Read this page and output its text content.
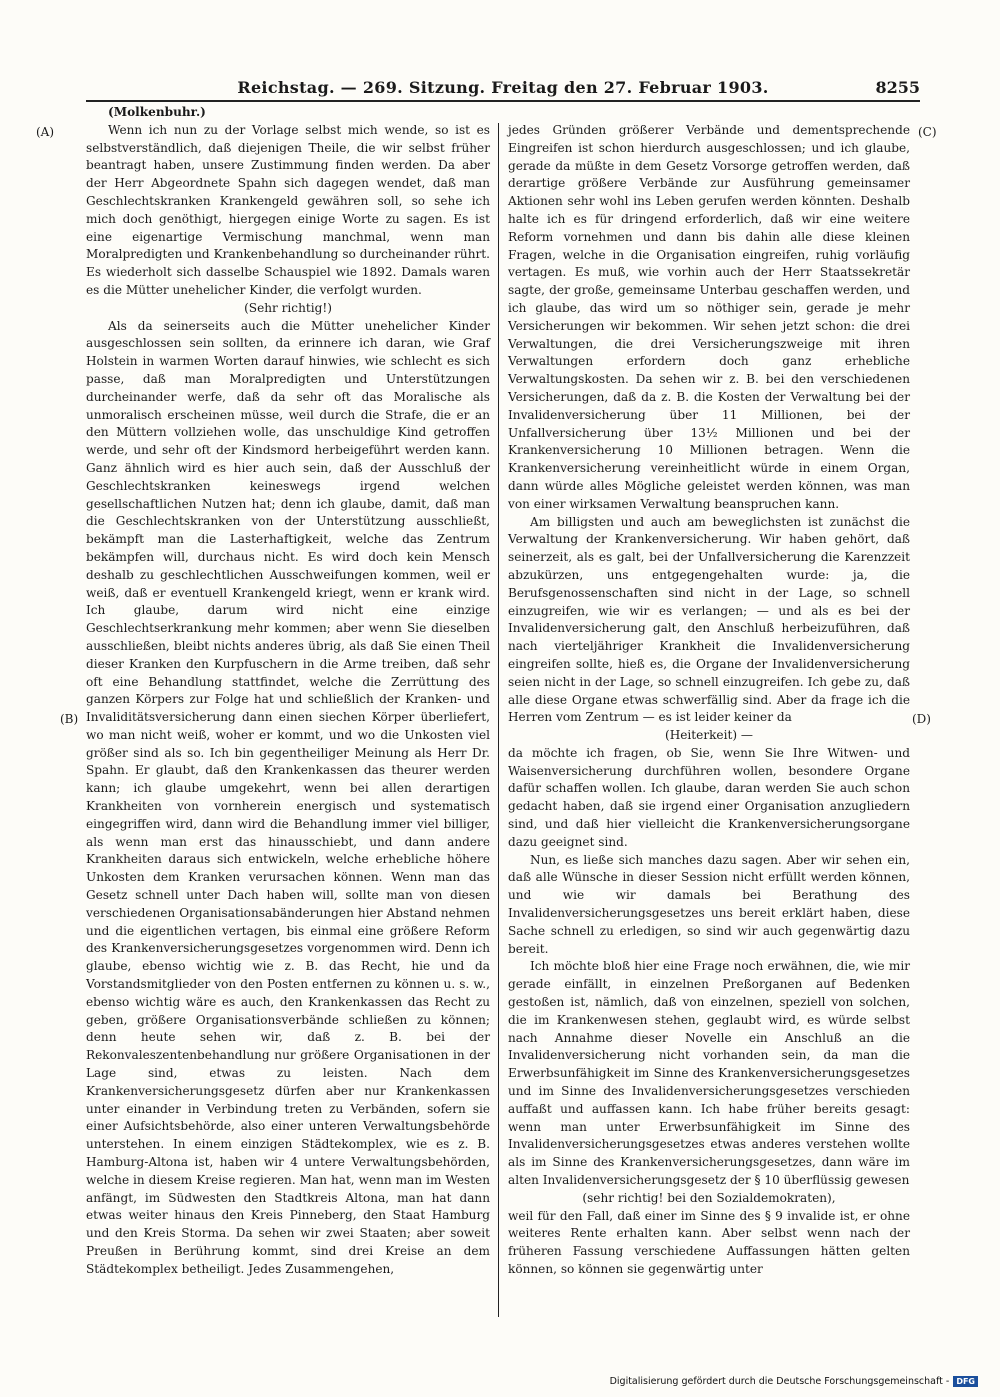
Reichstag. — 269. Sitzung. Freitag den 27. Februar 1903.	8255
(A)
(B)
(C)
(D)

(Molkenbuhr.)

Wenn ich nun zu der Vorlage selbst mich wende, so ist es selbstverständlich, daß diejenigen Theile, die wir selbst früher beantragt haben, unsere Zustimmung finden werden. Da aber der Herr Abgeordnete Spahn sich dagegen wendet, daß man Geschlechtskranken Krankengeld gewähren soll, so sehe ich mich doch genöthigt, hiergegen einige Worte zu sagen. Es ist eine eigenartige Vermischung manchmal, wenn man Moralpredigten und Krankenbehandlung so durcheinander rührt. Es wiederholt sich dasselbe Schauspiel wie 1892. Damals waren es die Mütter unehelicher Kinder, die verfolgt wurden.

(Sehr richtig!)

Als da seinerseits auch die Mütter unehelicher Kinder ausgeschlossen sein sollten, da erinnere ich daran, wie Graf Holstein in warmen Worten darauf hinwies, wie schlecht es sich passe, daß man Moralpredigten und Unterstützungen durcheinander werfe, daß da sehr oft das Moralische als unmoralisch erscheinen müsse, weil durch die Strafe, die er an den Müttern vollziehen wolle, das unschuldige Kind getroffen werde, und sehr oft der Kindsmord herbeigeführt werden kann. Ganz ähnlich wird es hier auch sein, daß der Ausschluß der Geschlechtskranken keineswegs irgend welchen gesellschaftlichen Nutzen hat; denn ich glaube, damit, daß man die Geschlechtskranken von der Unterstützung ausschließt, bekämpft man die Lasterhaftigkeit, welche das Zentrum bekämpfen will, durchaus nicht. Es wird doch kein Mensch deshalb zu geschlechtlichen Ausschweifungen kommen, weil er weiß, daß er eventuell Krankengeld kriegt, wenn er krank wird. Ich glaube, darum wird nicht eine einzige Geschlechtserkrankung mehr kommen; aber wenn Sie dieselben ausschließen, bleibt nichts anderes übrig, als daß Sie einen Theil dieser Kranken den Kurpfuschern in die Arme treiben, daß sehr oft eine Behandlung stattfindet, welche die Zerrüttung des ganzen Körpers zur Folge hat und schließlich der Kranken- und Invaliditätsversicherung dann einen siechen Körper überliefert, wo man nicht weiß, woher er kommt, und wo die Unkosten viel größer sind als so. Ich bin gegentheiliger Meinung als Herr Dr. Spahn. Er glaubt, daß den Krankenkassen das theurer werden kann; ich glaube umgekehrt, wenn bei allen derartigen Krankheiten von vornherein energisch und systematisch eingegriffen wird, dann wird die Behandlung immer viel billiger, als wenn man erst das hinausschiebt, und dann andere Krankheiten daraus sich entwickeln, welche erhebliche höhere Unkosten dem Kranken verursachen können. Wenn man das Gesetz schnell unter Dach haben will, sollte man von diesen verschiedenen Organisationsabänderungen hier Abstand nehmen und die eigentlichen vertagen, bis einmal eine größere Reform des Krankenversicherungsgesetzes vorgenommen wird. Denn ich glaube, ebenso wichtig wie z. B. das Recht, hie und da Vorstandsmitglieder von den Posten entfernen zu können u. s. w., ebenso wichtig wäre es auch, den Krankenkassen das Recht zu geben, größere Organisationsverbände schließen zu können; denn heute sehen wir, daß z. B. bei der Rekonvaleszentenbehandlung nur größere Organisationen in der Lage sind, etwas zu leisten. Nach dem Krankenversicherungsgesetz dürfen aber nur Krankenkassen unter einander in Verbindung treten zu Verbänden, sofern sie einer Aufsichtsbehörde, also einer unteren Verwaltungsbehörde unterstehen. In einem einzigen Städtekomplex, wie es z. B. Hamburg-Altona ist, haben wir 4 untere Verwaltungsbehörden, welche in diesem Kreise regieren. Man hat, wenn man im Westen anfängt, im Südwesten den Stadtkreis Altona, man hat dann etwas weiter hinaus den Kreis Pinneberg, den Staat Hamburg und den Kreis Storma. Da sehen wir zwei Staaten; aber soweit Preußen in Berührung kommt, sind drei Kreise an dem Städtekomplex betheiligt. Jedes Zusammengehen,

jedes Gründen größerer Verbände und dementsprechende Eingreifen ist schon hierdurch ausgeschlossen; und ich glaube, gerade da müßte in dem Gesetz Vorsorge getroffen werden, daß derartige größere Verbände zur Ausführung gemeinsamer Aktionen sehr wohl ins Leben gerufen werden könnten. Deshalb halte ich es für dringend erforderlich, daß wir eine weitere Reform vornehmen und dann bis dahin alle diese kleinen Fragen, welche in die Organisation eingreifen, ruhig vorläufig vertagen. Es muß, wie vorhin auch der Herr Staatssekretär sagte, der große, gemeinsame Unterbau geschaffen werden, und ich glaube, das wird um so nöthiger sein, gerade je mehr Versicherungen wir bekommen. Wir sehen jetzt schon: die drei Verwaltungen, die drei Versicherungszweige mit ihren Verwaltungen erfordern doch ganz erhebliche Verwaltungskosten. Da sehen wir z. B. bei den verschiedenen Versicherungen, daß da z. B. die Kosten der Verwaltung bei der Invalidenversicherung über 11 Millionen, bei der Unfallversicherung über 13½ Millionen und bei der Krankenversicherung 10 Millionen betragen. Wenn die Krankenversicherung vereinheitlicht würde in einem Organ, dann würde alles Mögliche geleistet werden können, was man von einer wirksamen Verwaltung beanspruchen kann.

Am billigsten und auch am beweglichsten ist zunächst die Verwaltung der Krankenversicherung. Wir haben gehört, daß seinerzeit, als es galt, bei der Unfallversicherung die Karenzzeit abzukürzen, uns entgegengehalten wurde: ja, die Berufsgenossenschaften sind nicht in der Lage, so schnell einzugreifen, wie wir es verlangen; — und als es bei der Invalidenversicherung galt, den Anschluß herbeizuführen, daß nach vierteljähriger Krankheit die Invalidenversicherung eingreifen sollte, hieß es, die Organe der Invalidenversicherung seien nicht in der Lage, so schnell einzugreifen. Ich gebe zu, daß alle diese Organe etwas schwerfällig sind. Aber da frage ich die Herren vom Zentrum — es ist leider keiner da

(Heiterkeit) —

da möchte ich fragen, ob Sie, wenn Sie Ihre Witwen- und Waisenversicherung durchführen wollen, besondere Organe dafür schaffen wollen. Ich glaube, daran werden Sie auch schon gedacht haben, daß sie irgend einer Organisation anzugliedern sind, und daß hier vielleicht die Krankenversicherungsorgane dazu geeignet sind.

Nun, es ließe sich manches dazu sagen. Aber wir sehen ein, daß alle Wünsche in dieser Session nicht erfüllt werden können, und wie wir damals bei Berathung des Invalidenversicherungsgesetzes uns bereit erklärt haben, diese Sache schnell zu erledigen, so sind wir auch gegenwärtig dazu bereit.

Ich möchte bloß hier eine Frage noch erwähnen, die, wie mir gerade einfällt, in einzelnen Preßorganen auf Bedenken gestoßen ist, nämlich, daß von einzelnen, speziell von solchen, die im Krankenwesen stehen, geglaubt wird, es würde selbst nach Annahme dieser Novelle ein Anschluß an die Invalidenversicherung nicht vorhanden sein, da man die Erwerbsunfähigkeit im Sinne des Krankenversicherungsgesetzes und im Sinne des Invalidenversicherungsgesetzes verschieden auffaßt und auffassen kann. Ich habe früher bereits gesagt: wenn man unter Erwerbsunfähigkeit im Sinne des Invalidenversicherungsgesetzes etwas anderes verstehen wollte als im Sinne des Krankenversicherungsgesetzes, dann wäre im alten Invalidenversicherungsgesetz der § 10 überflüssig gewesen

(sehr richtig! bei den Sozialdemokraten),

weil für den Fall, daß einer im Sinne des § 9 invalide ist, er ohne weiteres Rente erhalten kann. Aber selbst wenn nach der früheren Fassung verschiedene Auffassungen hätten gelten können, so können sie gegenwärtig unter

Digitalisierung gefördert durch die Deutsche Forschungsgemeinschaft - DFG
